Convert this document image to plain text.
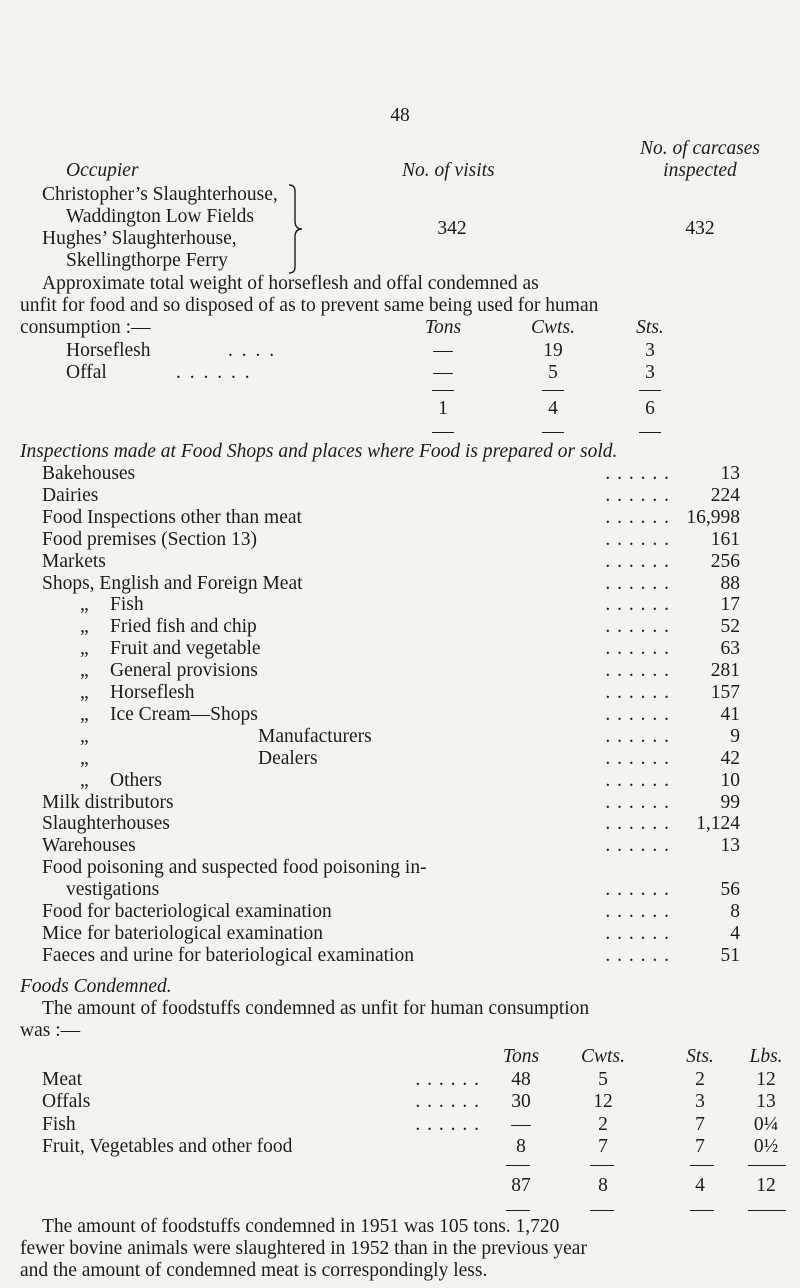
48
No. of carcases
Occupier	No. of visits	inspected
Christopher’s Slaughterhouse,
Waddington Low Fields
Hughes’ Slaughterhouse,
Skellingthorpe Ferry
342	432
Approximate total weight of horseflesh and offal condemned as
unfit for food and so disposed of as to prevent same being used for human
consumption :—	Tons	Cwts.	Sts.
Horseflesh	. . . .	—	19	3
Offal	. . . . . .	—	5	3
1	4	6
Inspections made at Food Shops and places where Food is prepared or sold.
Bakehouses	. . . . . .	13
Dairies	. . . . . .	224
Food Inspections other than meat	. . . . . . 16,998
Food premises (Section 13)	. . . . . .	161
Markets	. . . . . .	256
Shops, English and Foreign Meat	. . . . . .	88
„ Fish	. . . . . .	17
„ Fried fish and chip	. . . . . .	52
„ Fruit and vegetable	. . . . . .	63
„ General provisions	. . . . . .	281
„ Horseflesh	. . . . . .	157
„ Ice Cream—Shops	. . . . . .	41
„	Manufacturers	. . . . . .	9
„	Dealers	. . . . . .	42
„ Others	. . . . . .	10
Milk distributors	. . . . . .	99
Slaughterhouses	. . . . . .	1,124
Warehouses	. . . . . .	13
Food poisoning and suspected food poisoning in-
vestigations	. . . . . .	56
Food for bacteriological examination	. . . . . .	8
Mice for bateriological examination	. . . . . .	4
Faeces and urine for bateriological examination	. . . . . .	51
Foods Condemned.
The amount of foodstuffs condemned as unfit for human consumption
was :—
Tons	Cwts.	Sts.	Lbs.
Meat	. . . . . .	48	5	2	12
Offals	. . . . . .	30	12	3	13
Fish	. . . . . .	—	2	7	0¼
Fruit, Vegetables and other food	8	7	7	0½
87	8	4	12
The amount of foodstuffs condemned in 1951 was 105 tons. 1,720
fewer bovine animals were slaughtered in 1952 than in the previous year
and the amount of condemned meat is correspondingly less.
